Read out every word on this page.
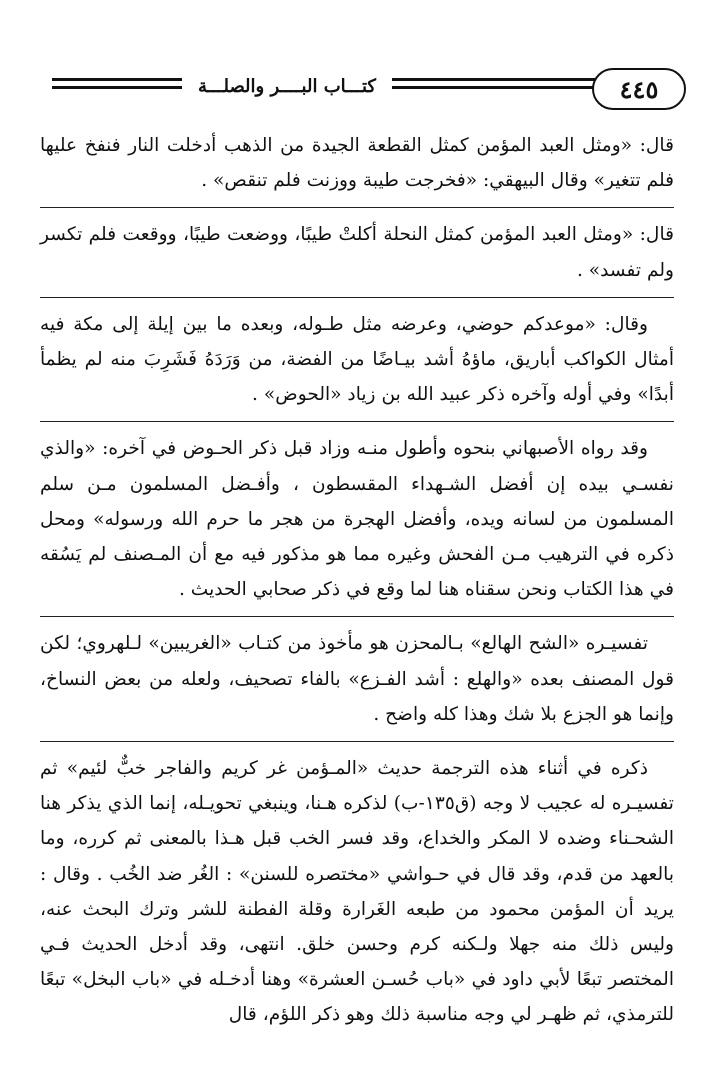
كتـــاب البــــر والصلـــة	٤٤٥

قال: «ومثل العبد المؤمن كمثل القطعة الجيدة من الذهب أدخلت النار فنفخ عليها فلم تتغير» وقال البيهقي: «فخرجت طيبة ووزنت فلم تنقص» .

قال: «ومثل العبد المؤمن كمثل النحلة أكلتْ طيبًا، ووضعت طيبًا، ووقعت فلم تكسر ولم تفسد» .

وقال: «موعدكم حوضي، وعرضه مثل طـوله، وبعده ما بين إيلة إلى مكة فيه أمثال الكواكب أباريق، ماؤهُ أشد بيـاضًا من الفضة، من وَرَدَهُ فَشَرِبَ منه لم يظمأ أبدًا» وفي أوله وآخره ذكر عبيد الله بن زياد «الحوض» .

وقد رواه الأصبهاني بنحوه وأطول منـه وزاد قبل ذكر الحـوض في آخره: «والذي نفسـي بيده إن أفضل الشـهداء المقسطون ، وأفـضل المسلمون مـن سلم المسلمون من لسانه ويده، وأفضل الهجرة من هجر ما حرم الله ورسوله» ومحل ذكره في الترهيب مـن الفحش وغيره مما هو مذكور فيه مع أن المـصنف لم يَسُقه في هذا الكتاب ونحن سقناه هنا لما وقع في ذكر صحابي الحديث .

تفسيـره «الشح الهالع» بـالمحزن هو مأخوذ من كتـاب «الغريبين» لـلهروي؛ لكن قول المصنف بعده «والهلع : أشد الفـزع» بالفاء تصحيف، ولعله من بعض النساخ، وإنما هو الجزع بلا شك وهذا كله واضح .

ذكره في أثناء هذه الترجمة حديث «المـؤمن غر كريم والفاجر خبٌّ لئيم» ثم تفسيـره له عجيب لا وجه (ق١٣٥-ب) لذكره هـنا، وينبغي تحويـله، إنما الذي يذكر هنا الشحـناء وضده لا المكر والخداع، وقد فسر الخب قبل هـذا بالمعنى ثم كرره، وما بالعهد من قدم، وقد قال في حـواشي «مختصره للسنن» : الغُر ضد الخُب . وقال : يريد أن المؤمن محمود من طبعه الغَرارة وقلة الفطنة للشر وترك البحث عنه، وليس ذلك منه جهلا ولـكنه كرم وحسن خلق. انتهى، وقد أدخل الحديث فـي المختصر تبعًا لأبي داود في «باب حُسـن العشرة» وهنا أدخـله في «باب البخل» تبعًا للترمذي، ثم ظهـر لي وجه مناسبة ذلك وهو ذكر اللؤم، قال
